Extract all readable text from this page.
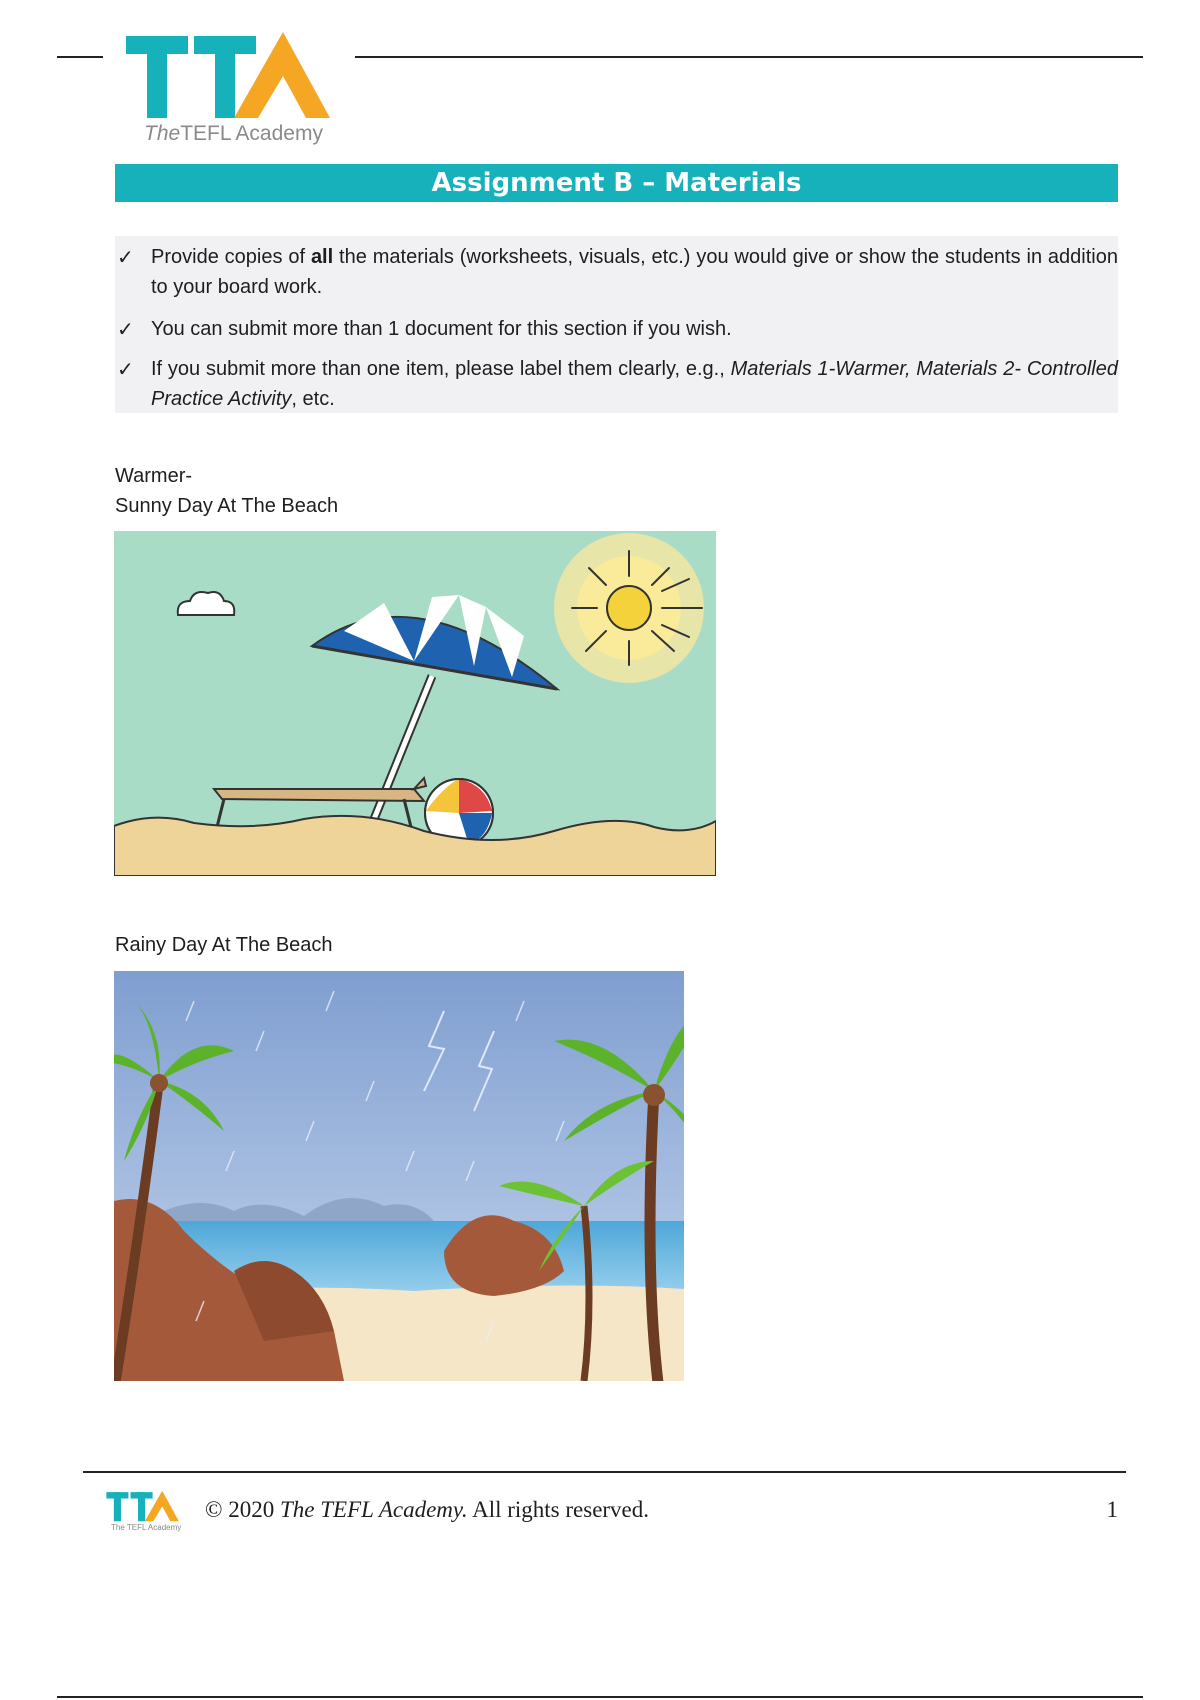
TheTEFL Academy
Assignment B – Materials
✓ Provide copies of all the materials (worksheets, visuals, etc.) you would give or show the students in addition to your board work.
✓ You can submit more than 1 document for this section if you wish.
✓ If you submit more than one item, please label them clearly, e.g., Materials 1-Warmer, Materials 2- Controlled Practice Activity, etc.
Warmer-
Sunny Day At The Beach
Rainy Day At The Beach
The TEFL Academy
© 2020 The TEFL Academy. All rights reserved.	1
